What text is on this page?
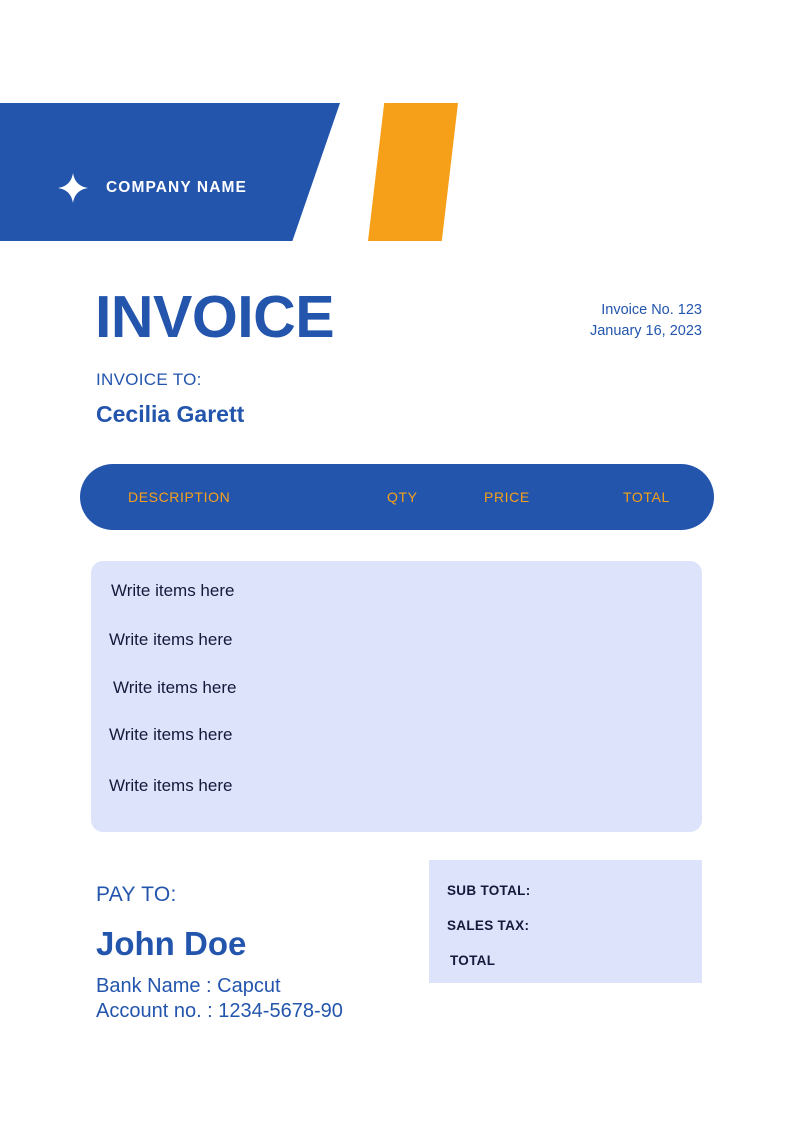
COMPANY NAME
INVOICE	Invoice No. 123
January 16, 2023
INVOICE TO:
Cecilia Garett
DESCRIPTION	QTY	PRICE	TOTAL
Write items here
Write items here
Write items here
Write items here
Write items here
PAY TO:
John Doe
Bank Name : Capcut
Account no. : 1234-5678-90
SUB TOTAL:
SALES TAX:
TOTAL
